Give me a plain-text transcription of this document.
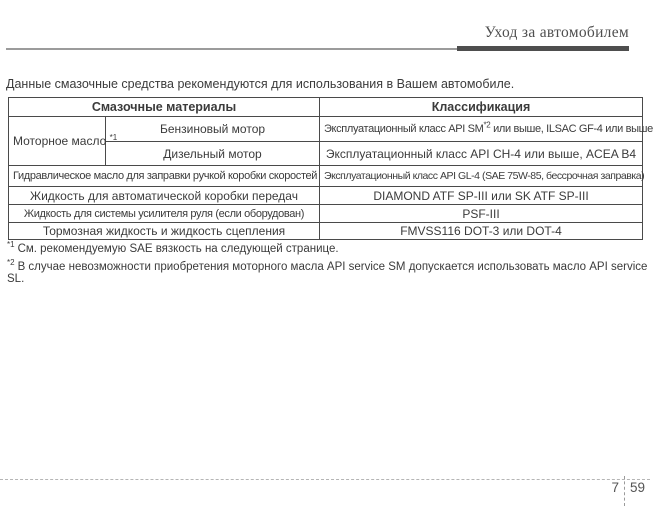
Уход за автомобилем
Данные смазочные средства рекомендуются для использования в Вашем автомобиле.
Смазочные материалы		Классификация
Моторное масло $^{*1}$	Бензиновый мотор	Эксплуатационный класс API SM$^{*2}$ или выше, ILSAC GF-4 или выше
	Дизельный мотор	Эксплуатационный класс API CH-4 или выше, ACEA B4
Гидравлическое масло для заправки ручкой коробки скоростей		Эксплуатационный класс API GL-4 (SAE 75W-85, бессрочная заправка)
Жидкость для автоматической коробки передач		DIAMOND ATF SP-III или SK ATF SP-III
Жидкость для системы усилителя руля (если оборудован)		PSF-III
Тормозная жидкость и жидкость сцепления		FMVSS116 DOT-3 или DOT-4
$^{*1}$ См. рекомендуемую SAE вязкость на следующей странице.
$^{*2}$ В случае невозможности приобретения моторного масла API service SM допускается использовать масло API service SL.
7 59
